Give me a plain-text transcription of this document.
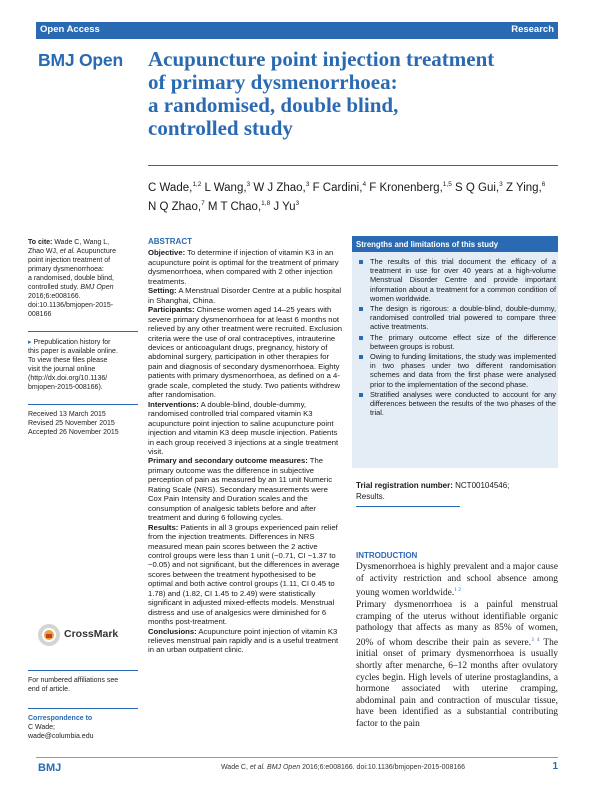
Open Access	Research
BMJ Open Acupuncture point injection treatment
of primary dysmenorrhoea:
a randomised, double blind,
controlled study
C Wade,$^{1,2}$ L Wang,$^3$ W J Zhao,$^3$ F Cardini,$^4$ F Kronenberg,$^{1,5}$ S Q Gui,$^3$ Z Ying,$^6$
N Q Zhao,$^7$ M T Chao,$^{1,8}$ J Yu$^3$
To cite: Wade C, Wang L,
Zhao WJ, et al. Acupuncture
point injection treatment of
primary dysmenorrhoea:
a randomised, double blind,
controlled study. BMJ Open
2016;6:e008166.
doi:10.1136/bmjopen-2015-
008166
▸ Prepublication history for
this paper is available online.
To view these files please
visit the journal online
(http://dx.doi.org/10.1136/
bmjopen-2015-008166).
Received 13 March 2015
Revised 25 November 2015
Accepted 26 November 2015
CrossMark
For numbered affiliations see
end of article.
Correspondence to
C Wade;
wade@columbia.edu
ABSTRACT
Objective: To determine if injection of vitamin K3 in an acupuncture point is optimal for the treatment of primary dysmenorrhoea, when compared with 2 other injection treatments.
Setting: A Menstrual Disorder Centre at a public hospital in Shanghai, China.
Participants: Chinese women aged 14–25 years with severe primary dysmenorrhoea for at least 6 months not relieved by any other treatment were recruited. Exclusion criteria were the use of oral contraceptives, intrauterine devices or anticoagulant drugs, pregnancy, history of abdominal surgery, participation in other therapies for pain and diagnosis of secondary dysmenorrhoea. Eighty patients with primary dysmenorrhoea, as defined on a 4-grade scale, completed the study. Two patients withdrew after randomisation.
Interventions: A double-blind, double-dummy, randomised controlled trial compared vitamin K3 acupuncture point injection to saline acupuncture point injection and vitamin K3 deep muscle injection. Patients in each group received 3 injections at a single treatment visit.
Primary and secondary outcome measures: The primary outcome was the difference in subjective perception of pain as measured by an 11 unit Numeric Rating Scale (NRS). Secondary measurements were Cox Pain Intensity and Duration scales and the consumption of analgesic tablets before and after treatment and during 6 following cycles.
Results: Patients in all 3 groups experienced pain relief from the injection treatments. Differences in NRS measured mean pain scores between the 2 active control groups were less than 1 unit (−0.71, CI −1.37 to −0.05) and not significant, but the differences in average scores between the treatment hypothesised to be optimal and both active control groups (1.11, CI 0.45 to 1.78) and (1.82, CI 1.45 to 2.49) were statistically significant in adjusted mixed-effects models. Menstrual distress and use of analgesics were diminished for 6 months post-treatment.
Conclusions: Acupuncture point injection of vitamin K3 relieves menstrual pain rapidly and is a useful treatment in an urban outpatient clinic.
Strengths and limitations of this study
The results of this trial document the efficacy of a treatment in use for over 40 years at a high-volume Menstrual Disorder Centre and provide important information about a treatment for a common condition of women worldwide.
The design is rigorous: a double-blind, double-dummy, randomised controlled trial powered to compare three active treatments.
The primary outcome effect size of the difference between groups is robust.
Owing to funding limitations, the study was implemented in two phases under two different randomisation schemes and data from the first phase were analysed prior to the implementation of the second phase.
Stratified analyses were conducted to account for any differences between the results of the two phases of the trial.
Trial registration number: NCT00104546;
Results.
INTRODUCTION
Dysmenorrhoea is highly prevalent and a major cause of activity restriction and school absence among young women worldwide.$^{1 2}$
Primary dysmenorrhoea is a painful menstrual cramping of the uterus without identifiable organic pathology that affects as many as 85% of women, 20% of whom describe their pain as severe.$^{3 4}$ The initial onset of primary dysmenorrhoea is usually shortly after menarche, 6–12 months after ovulatory cycles begin. High levels of uterine prostaglandins, a hormone associated with uterine cramping, abdominal pain and contraction of muscular tissue, have been identified as a substantial contributing factor to the pain
BMJ	Wade C, et al. BMJ Open 2016;6:e008166. doi:10.1136/bmjopen-2015-008166	1
